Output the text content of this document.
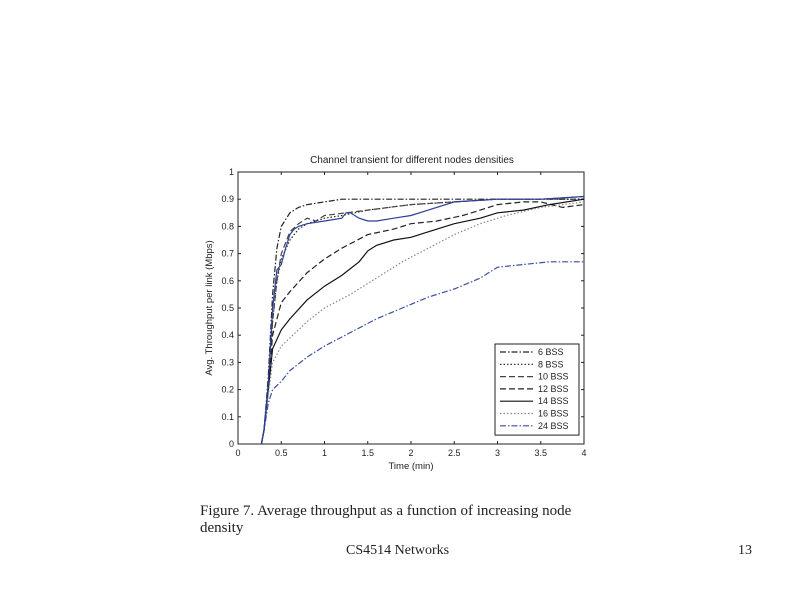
Channel transient for different nodes densities
0	0.5	1	1.5	2	2.5	3	3.5	4
0
0.1
0.2
0.3
0.4
0.5
0.6
0.7
0.8
0.9
1
Time (min)
Avg. Throughput per link (Mbps)	6 BSS
8 BSS
10 BSS
12 BSS
14 BSS
16 BSS
24 BSS
Figure 7. Average throughput as a function of increasing node density
CS4514 Networks	13
